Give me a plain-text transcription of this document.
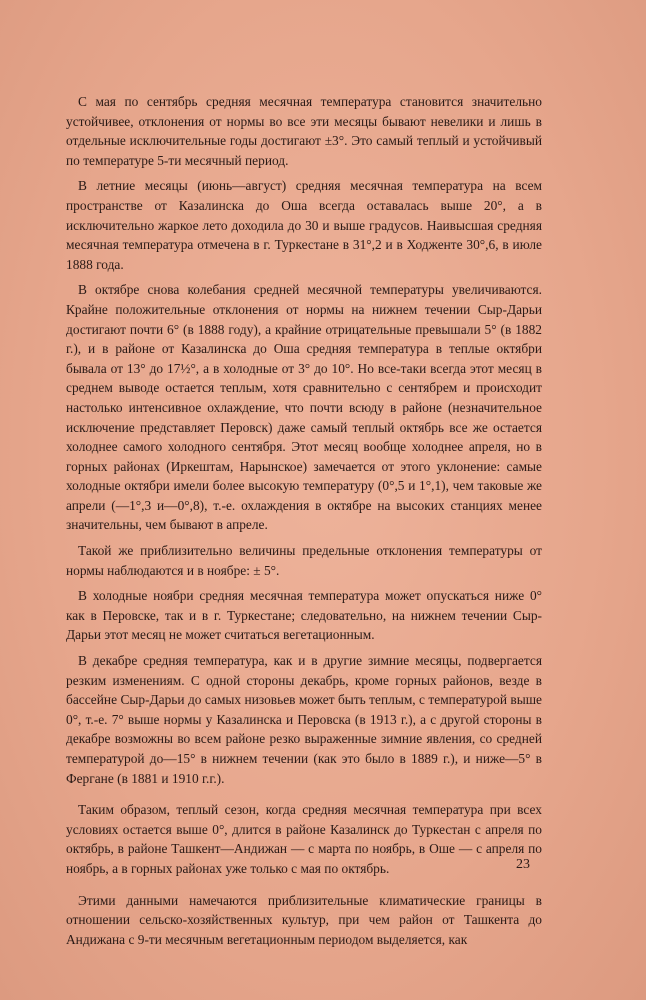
С мая по сентябрь средняя месячная температура становится значительно устойчивее, отклонения от нормы во все эти месяцы бывают невелики и лишь в отдельные исключительные годы достигают ±3°. Это самый теплый и устойчивый по температуре 5-ти месячный период.

В летние месяцы (июнь—август) средняя месячная температура на всем пространстве от Казалинска до Оша всегда оставалась выше 20°, а в исключительно жаркое лето доходила до 30 и выше градусов. Наивысшая средняя месячная температура отмечена в г. Туркестане в 31°,2 и в Ходженте 30°,6, в июле 1888 года.

В октябре снова колебания средней месячной температуры увеличиваются. Крайне положительные отклонения от нормы на нижнем течении Сыр-Дарьи достигают почти 6° (в 1888 году), а крайние отрицательные превышали 5° (в 1882 г.), и в районе от Казалинска до Оша средняя температура в теплые октябри бывала от 13° до 17½°, а в холодные от 3° до 10°. Но все-таки всегда этот месяц в среднем выводе остается теплым, хотя сравнительно с сентябрем и происходит настолько интенсивное охлаждение, что почти всюду в районе (незначительное исключение представляет Перовск) даже самый теплый октябрь все же остается холоднее самого холодного сентября. Этот месяц вообще холоднее апреля, но в горных районах (Иркештам, Нарынское) замечается от этого уклонение: самые холодные октябри имели более высокую температуру (0°,5 и 1°,1), чем таковые же апрели (—1°,3 и—0°,8), т.-е. охлаждения в октябре на высоких станциях менее значительны, чем бывают в апреле.

Такой же приблизительно величины предельные отклонения температуры от нормы наблюдаются и в ноябре: ± 5°.

В холодные ноябри средняя месячная температура может опускаться ниже 0° как в Перовске, так и в г. Туркестане; следовательно, на нижнем течении Сыр-Дарьи этот месяц не может считаться вегетационным.

В декабре средняя температура, как и в другие зимние месяцы, подвергается резким изменениям. С одной стороны декабрь, кроме горных районов, везде в бассейне Сыр-Дарьи до самых низовьев может быть теплым, с температурой выше 0°, т.-е. 7° выше нормы у Казалинска и Перовска (в 1913 г.), а с другой стороны в декабре возможны во всем районе резко выраженные зимние явления, со средней температурой до—15° в нижнем течении (как это было в 1889 г.), и ниже—5° в Фергане (в 1881 и 1910 г.г.).

Таким образом, теплый сезон, когда средняя месячная температура при всех условиях остается выше 0°, длится в районе Казалинск до Туркестан с апреля по октябрь, в районе Ташкент—Андижан — с марта по ноябрь, в Оше — с апреля по ноябрь, а в горных районах уже только с мая по октябрь.

Этими данными намечаются приблизительные климатические границы в отношении сельско-хозяйственных культур, при чем район от Ташкента до Андижана с 9-ти месячным вегетационным периодом выделяется, как

23
